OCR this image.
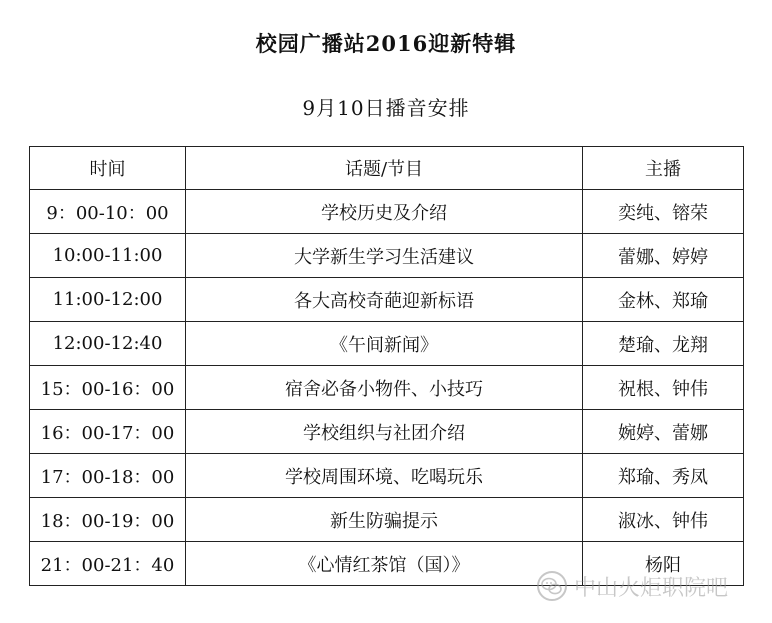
校园广播站2016迎新特辑
9月10日播音安排
时间	话题/节目	主播
9：00-10：00	学校历史及介绍	奕纯、镕荣
10:00-11:00	大学新生学习生活建议	蕾娜、婷婷
11:00-12:00	各大高校奇葩迎新标语	金林、郑瑜
12:00-12:40	《午间新闻》	楚瑜、龙翔
15：00-16：00	宿舍必备小物件、小技巧	祝根、钟伟
16：00-17：00	学校组织与社团介绍	婉婷、蕾娜
17：00-18：00	学校周围环境、吃喝玩乐	郑瑜、秀凤
18：00-19：00	新生防骗提示	淑冰、钟伟
21：00-21：40	《心情红茶馆（国）》	杨阳
中山火炬职院吧
